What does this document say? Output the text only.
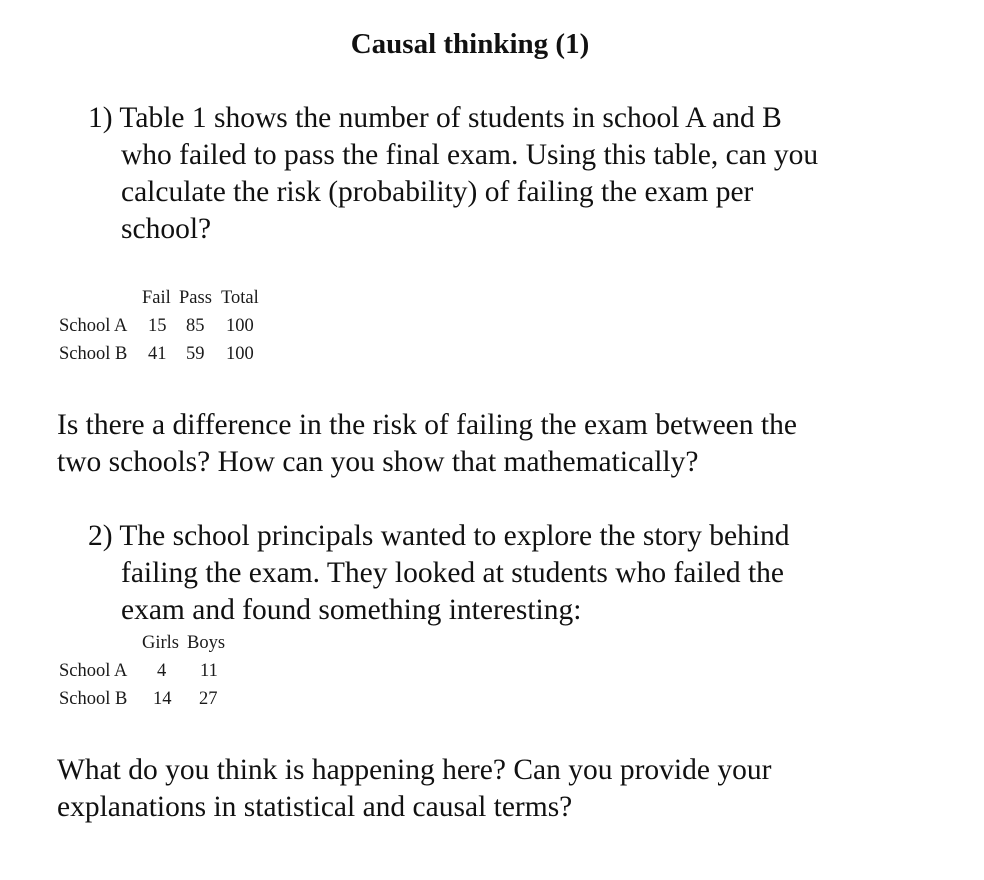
Causal thinking (1)
1) Table 1 shows the number of students in school A and B
who failed to pass the final exam. Using this table, can you
calculate the risk (probability) of failing the exam per
school?
Fail Pass Total
School A 15 85 100
School B 41 59 100
Is there a difference in the risk of failing the exam between the
two schools? How can you show that mathematically?
2) The school principals wanted to explore the story behind
failing the exam. They looked at students who failed the
exam and found something interesting:
Girls Boys
School A 4 11
School B 14 27
What do you think is happening here? Can you provide your
explanations in statistical and causal terms?
